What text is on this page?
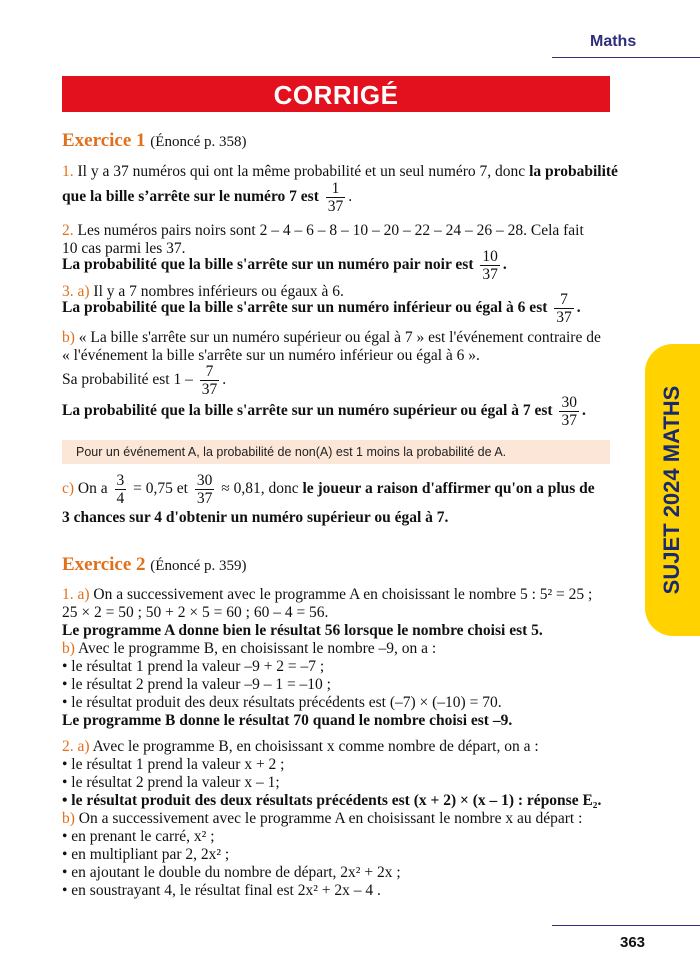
Maths
CORRIGÉ
SUJET 2024 MATHS
Exercice 1 (Énoncé p. 358)
1. Il y a 37 numéros qui ont la même probabilité et un seul numéro 7, donc la probabilité
que la bille s’arrête sur le numéro 7 est $\frac{1}{37}$ .
2. Les numéros pairs noirs sont 2 – 4 – 6 – 8 – 10 – 20 – 22 – 24 – 26 – 28. Cela fait
10 cas parmi les 37.
La probabilité que la bille s'arrête sur un numéro pair noir est $\frac{10}{37}$ .
3. a) Il y a 7 nombres inférieurs ou égaux à 6.
La probabilité que la bille s'arrête sur un numéro inférieur ou égal à 6 est $\frac{7}{37}$ .
b) « La bille s'arrête sur un numéro supérieur ou égal à 7 » est l'événement contraire de
« l'événement la bille s'arrête sur un numéro inférieur ou égal à 6 ».
Sa probabilité est $1 - \frac{7}{37}$ .
La probabilité que la bille s'arrête sur un numéro supérieur ou égal à 7 est $\frac{30}{37}$ .
Pour un événement A, la probabilité de non(A) est 1 moins la probabilité de A.
c) On a $\frac{3}{4} = 0,75$ et $\frac{30}{37} \approx 0,81$, donc le joueur a raison d'affirmer qu'on a plus de
3 chances sur 4 d'obtenir un numéro supérieur ou égal à 7.
Exercice 2 (Énoncé p. 359)
1. a) On a successivement avec le programme A en choisissant le nombre 5 : 5² = 25 ;
25 × 2 = 50 ; 50 + 2 × 5 = 60 ; 60 – 4 = 56.
Le programme A donne bien le résultat 56 lorsque le nombre choisi est 5.
b) Avec le programme B, en choisissant le nombre –9, on a :
• le résultat 1 prend la valeur –9 + 2 = –7 ;
• le résultat 2 prend la valeur –9 – 1 = –10 ;
• le résultat produit des deux résultats précédents est (–7) × (–10) = 70.
Le programme B donne le résultat 70 quand le nombre choisi est –9.
2. a) Avec le programme B, en choisissant x comme nombre de départ, on a :
• le résultat 1 prend la valeur x + 2 ;
• le résultat 2 prend la valeur x – 1;
• le résultat produit des deux résultats précédents est (x + 2) × (x – 1) : réponse E₂.
b) On a successivement avec le programme A en choisissant le nombre x au départ :
• en prenant le carré, x² ;
• en multipliant par 2, 2x² ;
• en ajoutant le double du nombre de départ, 2x² + 2x ;
• en soustrayant 4, le résultat final est 2x² + 2x – 4 .
363
